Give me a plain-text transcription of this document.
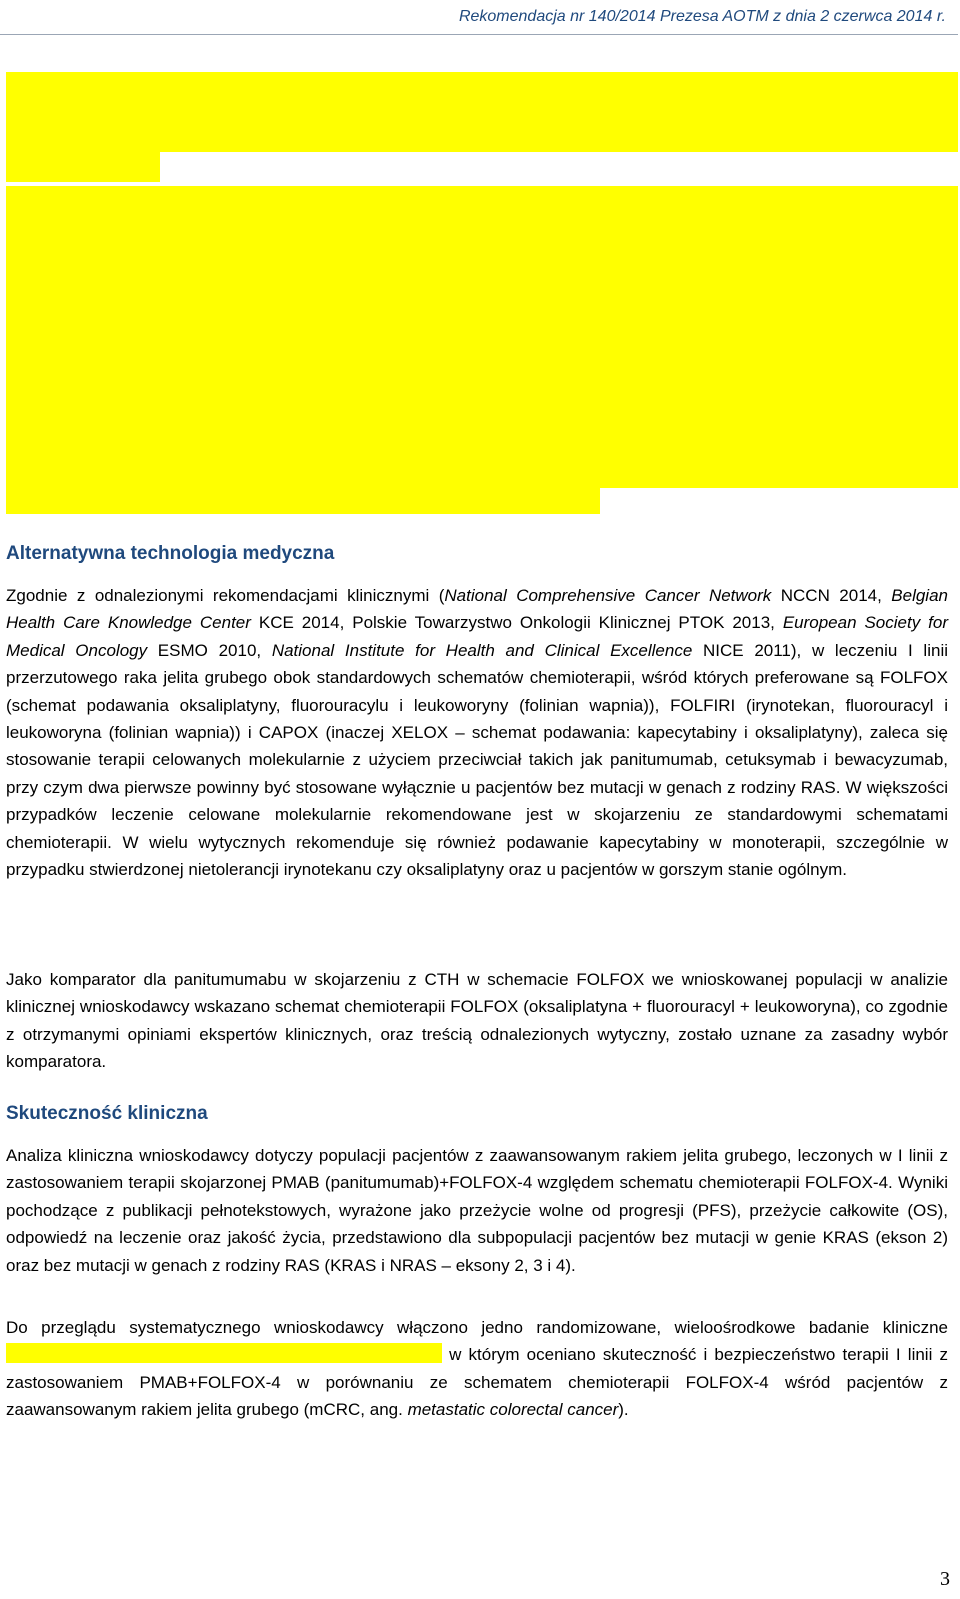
Rekomendacja nr 140/2014 Prezesa AOTM z dnia 2 czerwca 2014 r.
Alternatywna technologia medyczna

Zgodnie z odnalezionymi rekomendacjami klinicznymi (National Comprehensive Cancer Network NCCN 2014, Belgian Health Care Knowledge Center KCE 2014, Polskie Towarzystwo Onkologii Klinicznej PTOK 2013, European Society for Medical Oncology ESMO 2010, National Institute for Health and Clinical Excellence NICE 2011), w leczeniu I linii przerzutowego raka jelita grubego obok standardowych schematów chemioterapii, wśród których preferowane są FOLFOX (schemat podawania oksaliplatyny, fluorouracylu i leukoworyny (folinian wapnia)), FOLFIRI (irynotekan, fluorouracyl i leukoworyna (folinian wapnia)) i CAPOX (inaczej XELOX – schemat podawania: kapecytabiny i oksaliplatyny), zaleca się stosowanie terapii celowanych molekularnie z użyciem przeciwciał takich jak panitumumab, cetuksymab i bewacyzumab, przy czym dwa pierwsze powinny być stosowane wyłącznie u pacjentów bez mutacji w genach z rodziny RAS. W większości przypadków leczenie celowane molekularnie rekomendowane jest w skojarzeniu ze standardowymi schematami chemioterapii. W wielu wytycznych rekomenduje się również podawanie kapecytabiny w monoterapii, szczególnie w przypadku stwierdzonej nietolerancji irynotekanu czy oksaliplatyny oraz u pacjentów w gorszym stanie ogólnym.

Jako komparator dla panitumumabu w skojarzeniu z CTH w schemacie FOLFOX we wnioskowanej populacji w analizie klinicznej wnioskodawcy wskazano schemat chemioterapii FOLFOX (oksaliplatyna + fluorouracyl + leukoworyna), co zgodnie z otrzymanymi opiniami ekspertów klinicznych, oraz treścią odnalezionych wytyczny, zostało uznane za zasadny wybór komparatora.

Skuteczność kliniczna

Analiza kliniczna wnioskodawcy dotyczy populacji pacjentów z zaawansowanym rakiem jelita grubego, leczonych w I linii z zastosowaniem terapii skojarzonej PMAB (panitumumab)+FOLFOX-4 względem schematu chemioterapii FOLFOX-4. Wyniki pochodzące z publikacji pełnotekstowych, wyrażone jako przeżycie wolne od progresji (PFS), przeżycie całkowite (OS), odpowiedź na leczenie oraz jakość życia, przedstawiono dla subpopulacji pacjentów bez mutacji w genie KRAS (ekson 2) oraz bez mutacji w genach z rodziny RAS (KRAS i NRAS – eksony 2, 3 i 4).

Do przeglądu systematycznego wnioskodawcy włączono jedno randomizowane, wieloośrodkowe badanie kliniczne  w którym oceniano skuteczność i bezpieczeństwo terapii I linii z zastosowaniem PMAB+FOLFOX-4 w porównaniu ze schematem chemioterapii FOLFOX-4 wśród pacjentów z zaawansowanym rakiem jelita grubego (mCRC, ang. metastatic colorectal cancer).

3
